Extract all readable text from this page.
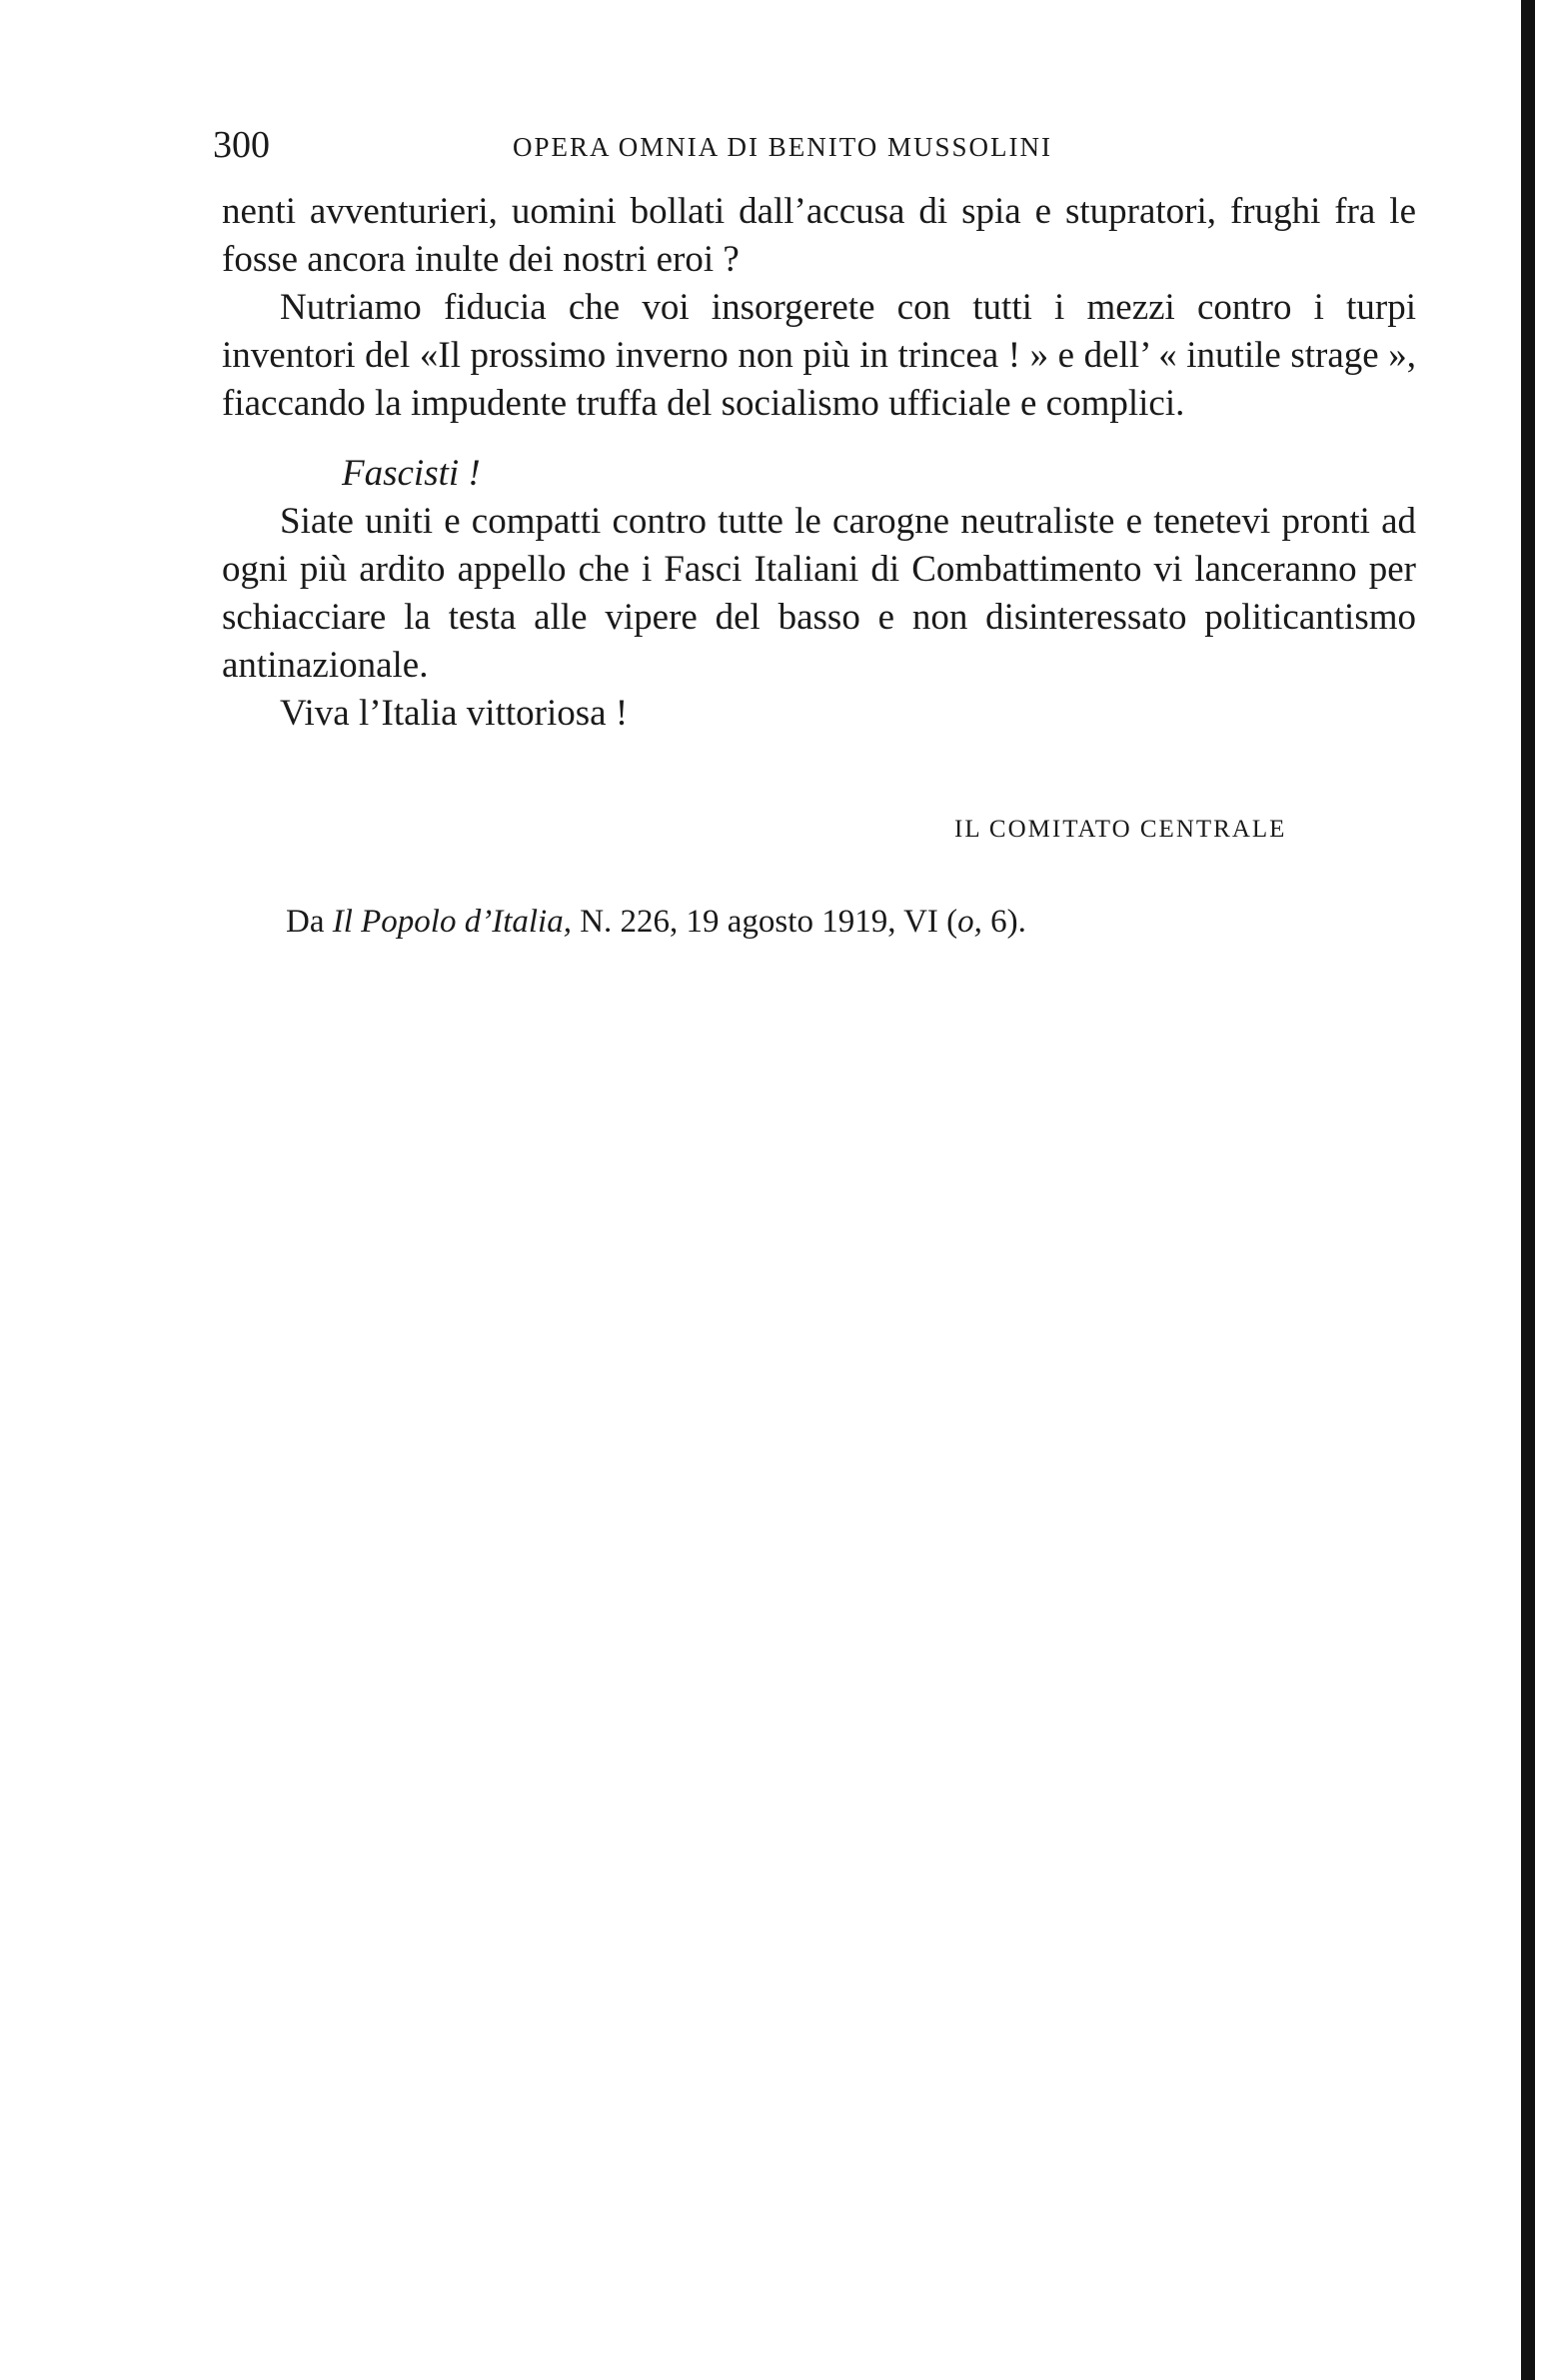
300	OPERA OMNIA DI BENITO MUSSOLINI

nenti avventurieri, uomini bollati dall’accusa di spia e stupratori, frughi fra le fosse ancora inulte dei nostri eroi ?

Nutriamo fiducia che voi insorgerete con tutti i mezzi contro i turpi inventori del «Il prossimo inverno non più in trincea ! » e dell’ « inutile strage », fiaccando la impudente truffa del socialismo ufficiale e complici.

Fascisti !

Siate uniti e compatti contro tutte le carogne neutraliste e tenetevi pronti ad ogni più ardito appello che i Fasci Italiani di Combattimento vi lanceranno per schiacciare la testa alle vipere del basso e non disinteressato politicantismo antinazionale.

Viva l’Italia vittoriosa !

IL COMITATO CENTRALE
Da Il Popolo d’Italia, N. 226, 19 agosto 1919, VI (o, 6).
